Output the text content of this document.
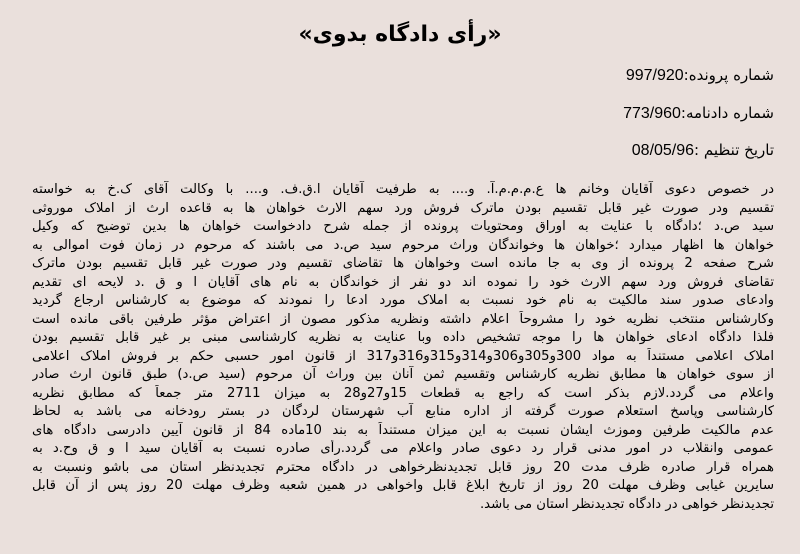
«رأی دادگاه بدوی»
شماره پرونده:997/920
شماره دادنامه:773/960
تاریخ تنظیم :08/05/96
در خصوص دعوی آقایان وخانم ها ع.م.م.م.آ. و.... به طرفیت آقایان ا.ق.ف. و.... با وکالت آقای ک.خ به خواسته
تقسیم ودر صورت غیر قابل تقسیم بودن ماترک فروش ورد سهم الارث خواهان ها به قاعده ارث از املاک موروثی
سید ص.د ؛دادگاه با عنایت به اوراق ومحتویات پرونده از جمله شرح دادخواست خواهان ها بدین توضیح که وکیل
خواهان ها اظهار میدارد ؛خواهان ها وخواندگان وراث مرحوم سید ص.د می باشند که مرحوم در زمان فوت اموالی به
شرح صفحه 2 پرونده از وی به جا مانده است وخواهان ها تقاضای تقسیم ودر صورت غیر قابل تقسیم بودن ماترک
تقاضای فروش ورد سهم الارث خود را نموده اند دو نفر از خواندگان به نام های آقایان ا و ق .د لایحه ای تقدیم
وادعای صدور سند مالکیت به نام خود نسبت به املاک مورد ادعا را نمودند که موضوع به کارشناس ارجاع گردید
وکارشناس منتخب نظریه خود را مشروحاً اعلام داشته ونظریه مذکور مصون از اعتراض مؤثر طرفین باقی مانده است
فلذا دادگاه ادعای خواهان ها را موجه تشخیص داده وبا عنایت به نظریه کارشناسی مبنی بر غیر قابل تقسیم بودن
املاک اعلامی مستنداً به مواد 300و305و306و314و315و316و317 از قانون امور حسبی حکم بر فروش املاک اعلامی
از سوی خواهان ها مطابق نظریه کارشناس وتقسیم ثمن آنان بین وراث آن مرحوم (سید ص.د) طبق قانون ارث صادر
واعلام می گردد.لازم بذکر است که راجع به قطعات 15و27و28 به میزان 2711 متر جمعاً که مطابق نظریه
کارشناسی وپاسخ استعلام صورت گرفته از اداره منابع آب شهرستان لردگان در بستر رودخانه می باشد به لحاظ
عدم مالکیت طرفین وموزث ایشان نسبت به این میزان مستنداً به بند 10ماده 84 از قانون آیین دادرسی دادگاه های
عمومی وانقلاب در امور مدنی قرار رد دعوی صادر واعلام می گردد.رأی صادره نسبت به آقایان سید ا و ق وح.د به
همراه قرار صادره ظرف مدت 20 روز قابل تجدیدنظرخواهی در دادگاه محترم تجدیدنظر استان می باشو ونسبت به
سایرین غیابی وظرف مهلت 20 روز از تاریخ ابلاغ قابل واخواهی در همین شعبه وظرف مهلت 20 روز پس از آن قابل
تجدیدنظر خواهی در دادگاه تجدیدنظر استان می باشد.
